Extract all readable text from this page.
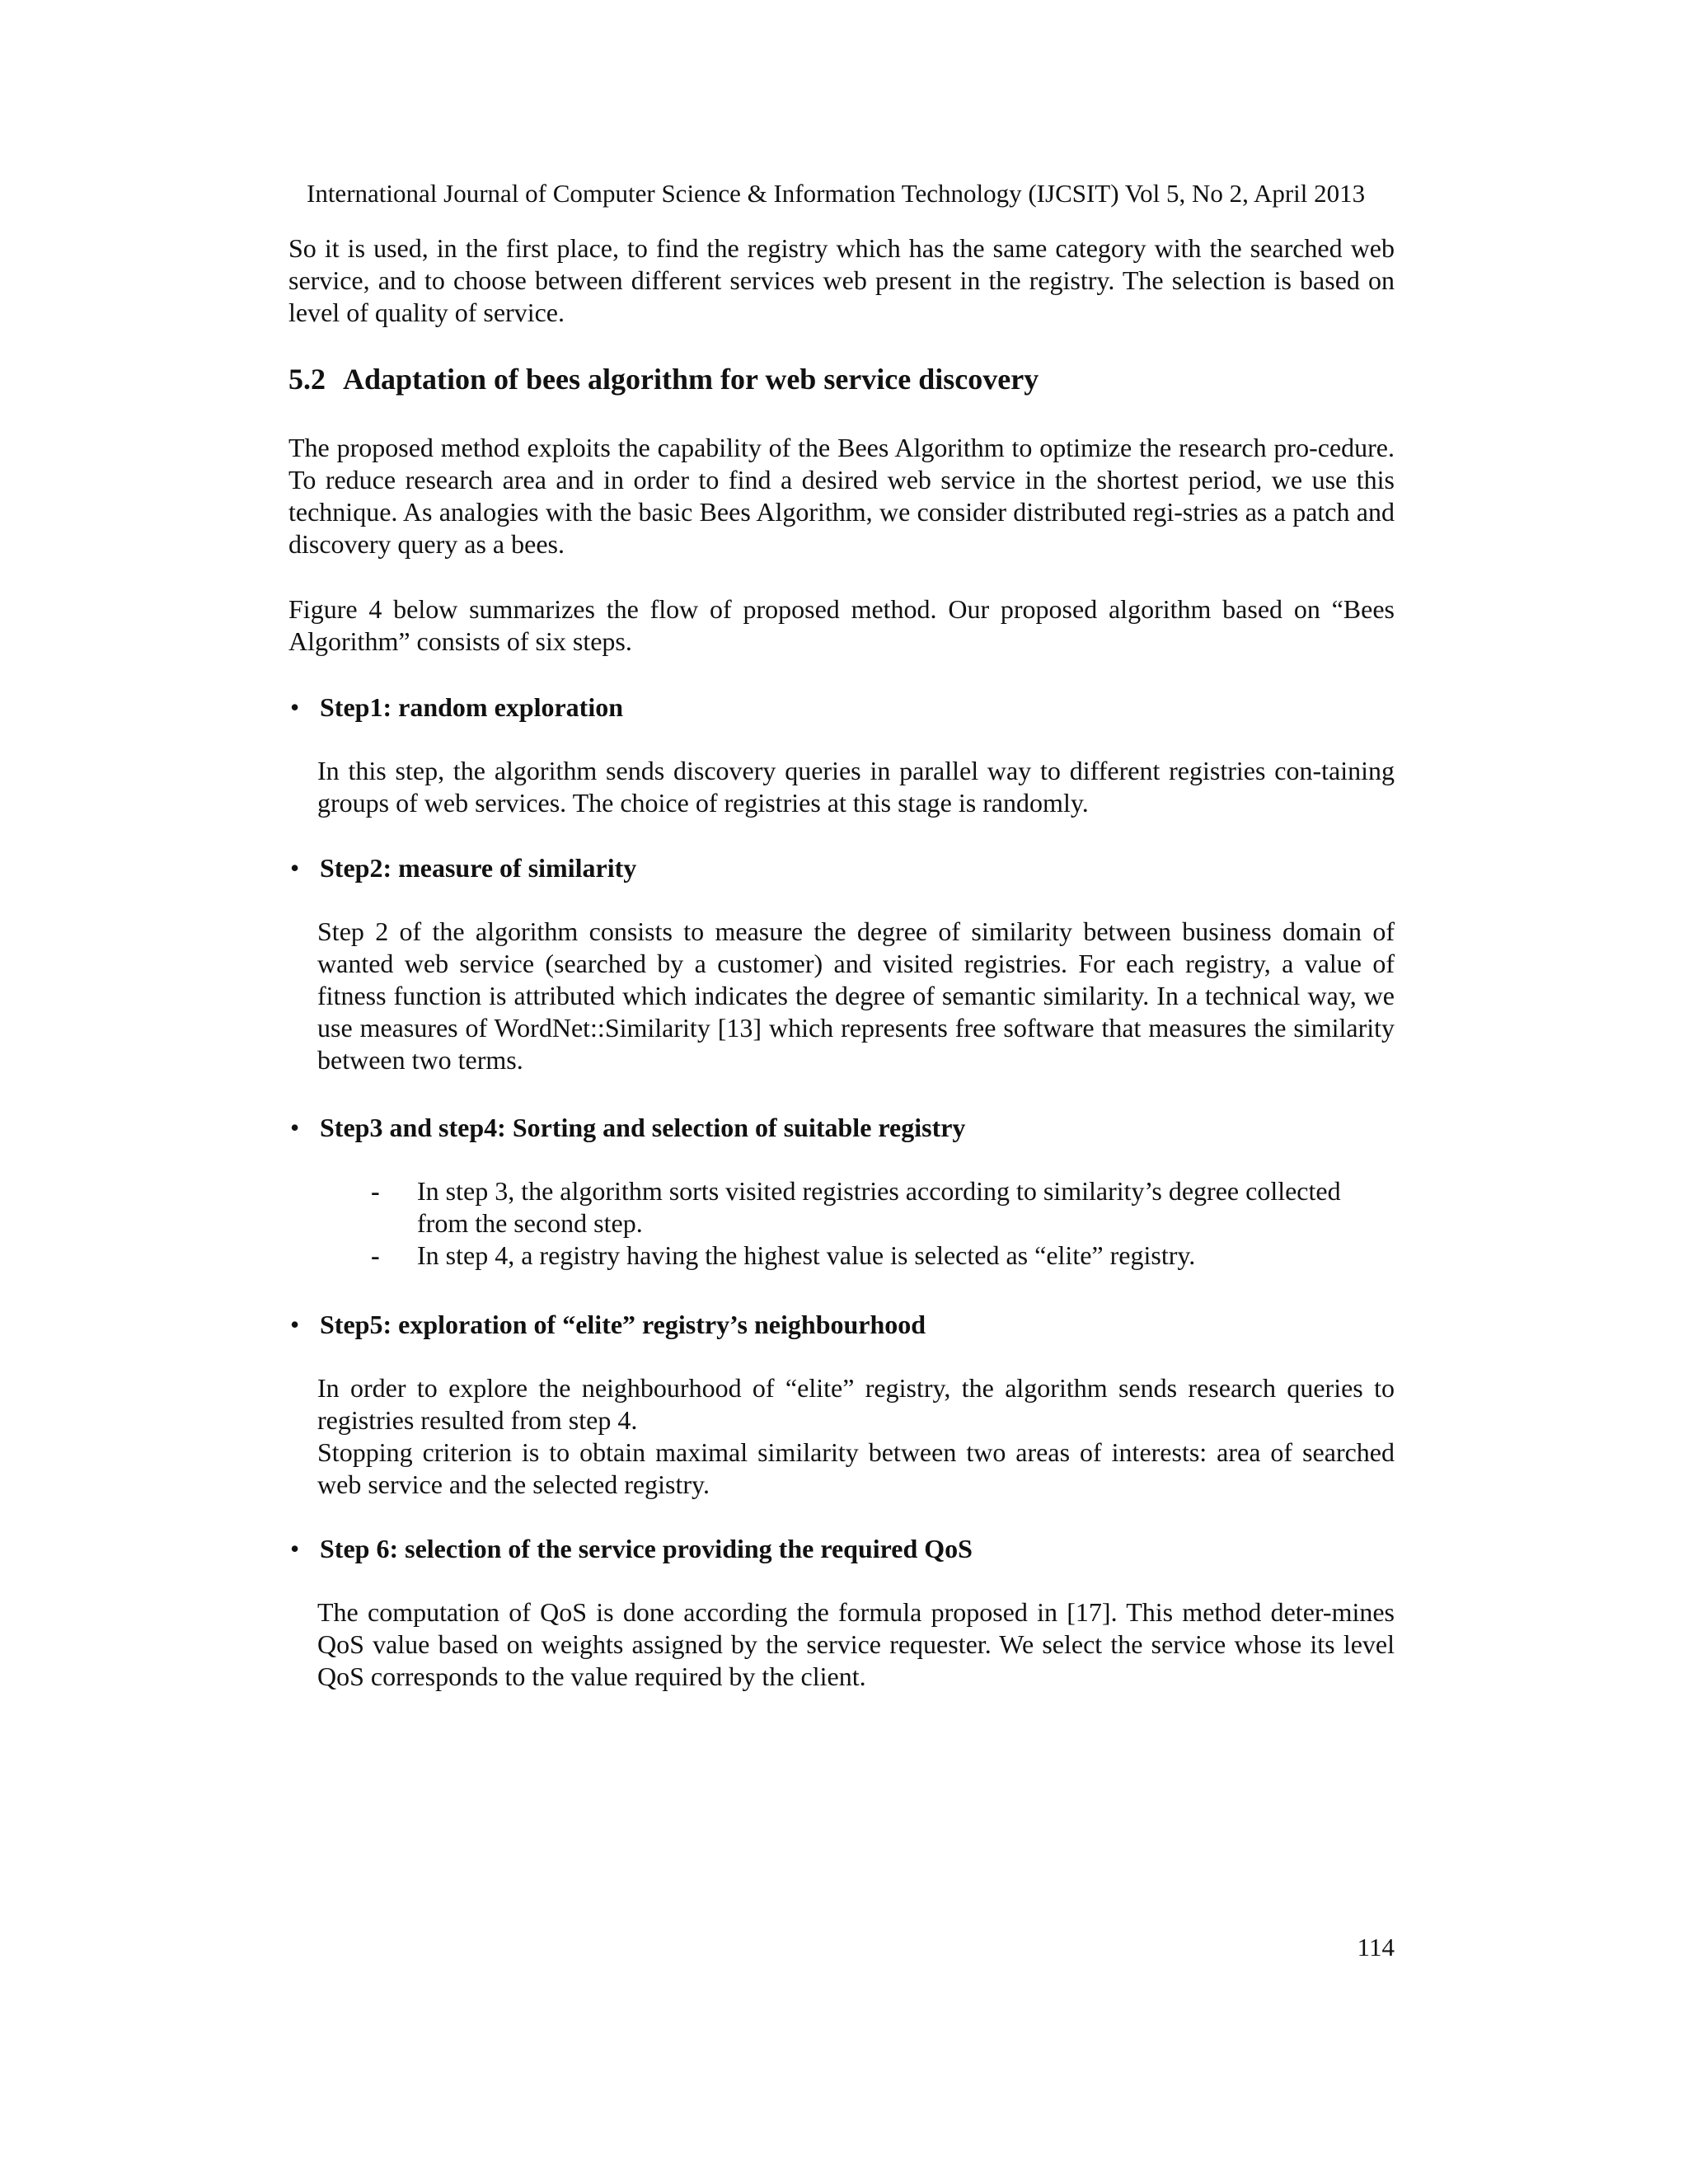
International Journal of Computer Science & Information Technology (IJCSIT) Vol 5, No 2, April 2013

So it is used, in the first place, to find the registry which has the same category with the searched web service, and to choose between different services web present in the registry. The selection is based on level of quality of service.

5.2 Adaptation of bees algorithm for web service discovery

The proposed method exploits the capability of the Bees Algorithm to optimize the research pro-cedure. To reduce research area and in order to find a desired web service in the shortest period, we use this technique. As analogies with the basic Bees Algorithm, we consider distributed regi-stries as a patch and discovery query as a bees.

Figure 4 below summarizes the flow of proposed method. Our proposed algorithm based on “Bees Algorithm” consists of six steps.

• Step1: random exploration

In this step, the algorithm sends discovery queries in parallel way to different registries con-taining groups of web services. The choice of registries at this stage is randomly.

• Step2: measure of similarity

Step 2 of the algorithm consists to measure the degree of similarity between business domain of wanted web service (searched by a customer) and visited registries. For each registry, a value of fitness function is attributed which indicates the degree of semantic similarity. In a technical way, we use measures of WordNet::Similarity [13] which represents free software that measures the similarity between two terms.

• Step3 and step4: Sorting and selection of suitable registry
- In step 3, the algorithm sorts visited registries according to similarity’s degree collected from the second step.
- In step 4, a registry having the highest value is selected as “elite” registry.
• Step5: exploration of “elite” registry’s neighbourhood

In order to explore the neighbourhood of “elite” registry, the algorithm sends research queries to registries resulted from step 4.

Stopping criterion is to obtain maximal similarity between two areas of interests: area of searched web service and the selected registry.

• Step 6: selection of the service providing the required QoS

The computation of QoS is done according the formula proposed in [17]. This method deter-mines QoS value based on weights assigned by the service requester. We select the service whose its level QoS corresponds to the value required by the client.

114
